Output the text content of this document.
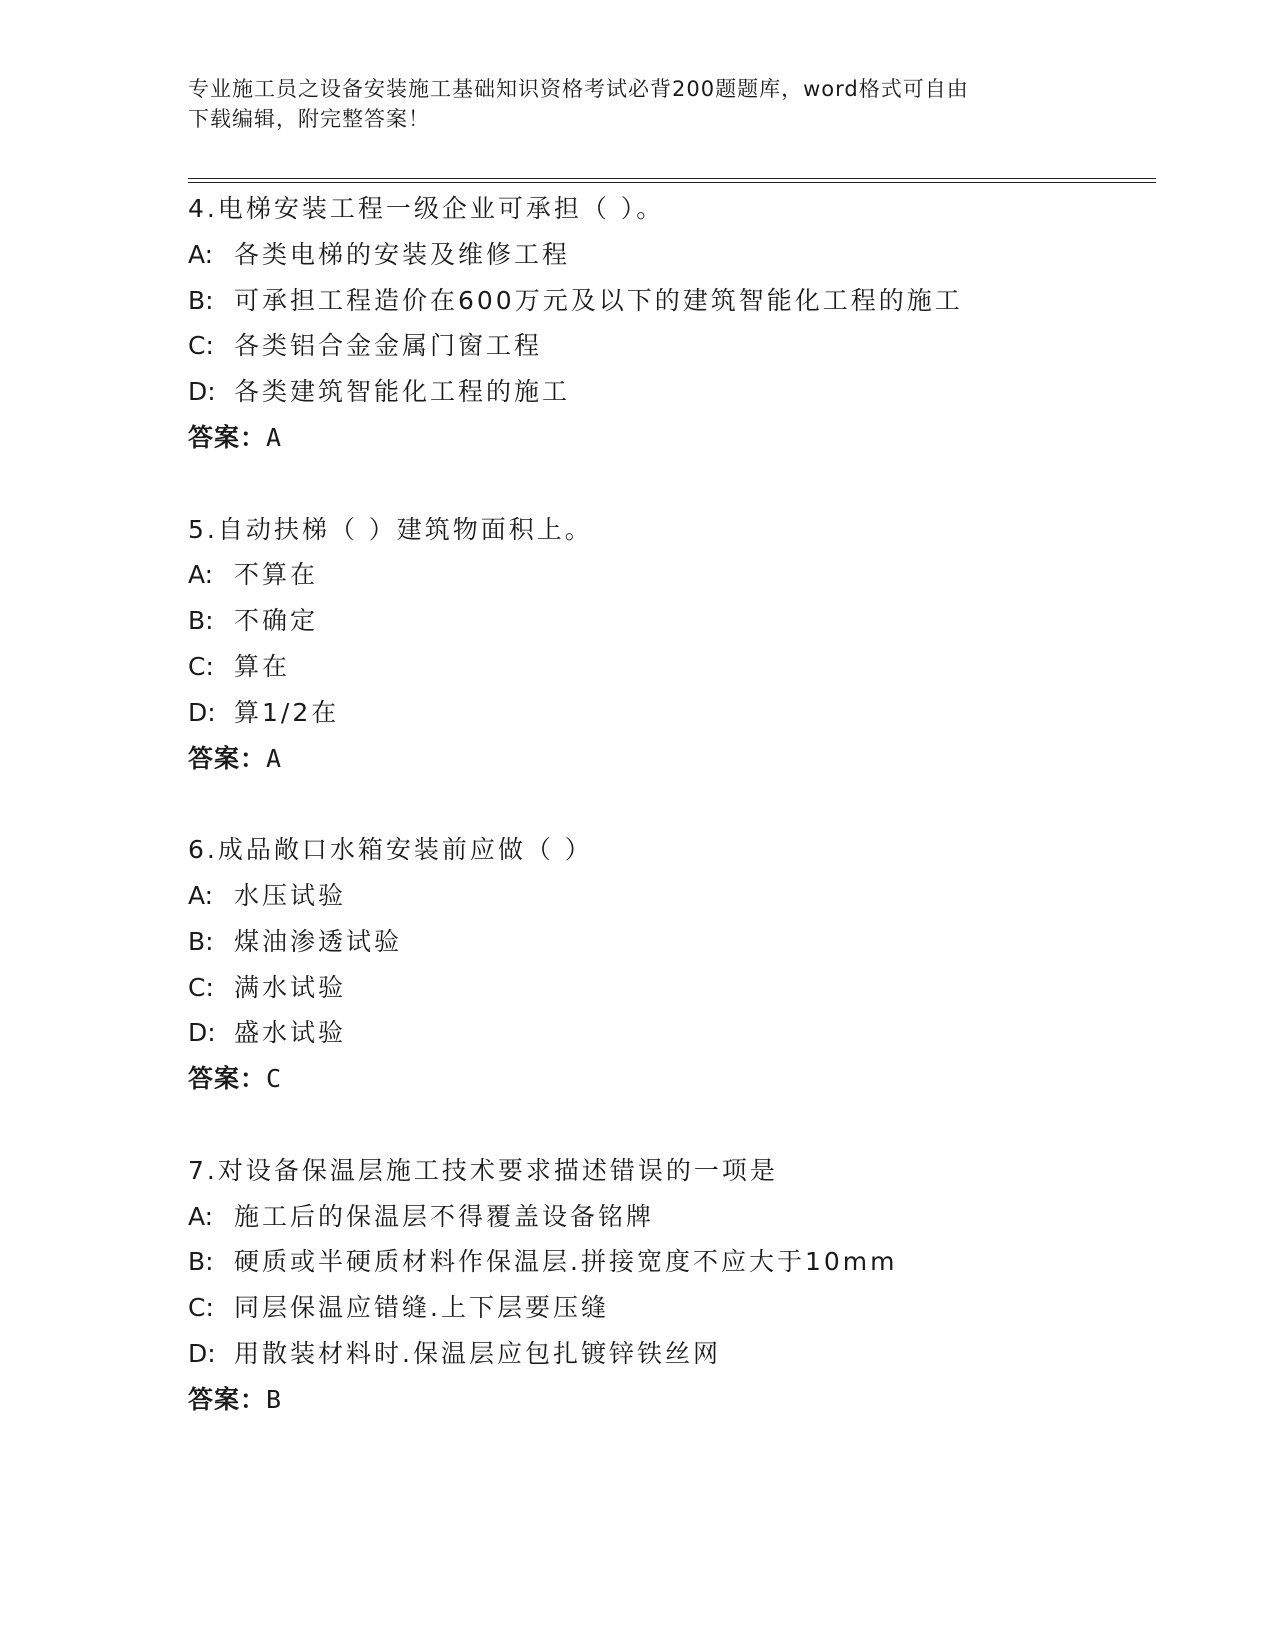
专业施工员之设备安装施工基础知识资格考试必背200题题库，word格式可自由
下载编辑，附完整答案！
4.电梯安装工程一级企业可承担（ ）。
A: 各类电梯的安装及维修工程
B: 可承担工程造价在600万元及以下的建筑智能化工程的施工
C: 各类铝合金金属门窗工程
D: 各类建筑智能化工程的施工
答案：A
5.自动扶梯（ ）建筑物面积上。
A: 不算在
B: 不确定
C: 算在
D: 算1/2在
答案：A
6.成品敞口水箱安装前应做（ ）
A: 水压试验
B: 煤油渗透试验
C: 满水试验
D: 盛水试验
答案：C
7.对设备保温层施工技术要求描述错误的一项是
A: 施工后的保温层不得覆盖设备铭牌
B: 硬质或半硬质材料作保温层.拼接宽度不应大于10mm
C: 同层保温应错缝.上下层要压缝
D: 用散装材料时.保温层应包扎镀锌铁丝网
答案：B
